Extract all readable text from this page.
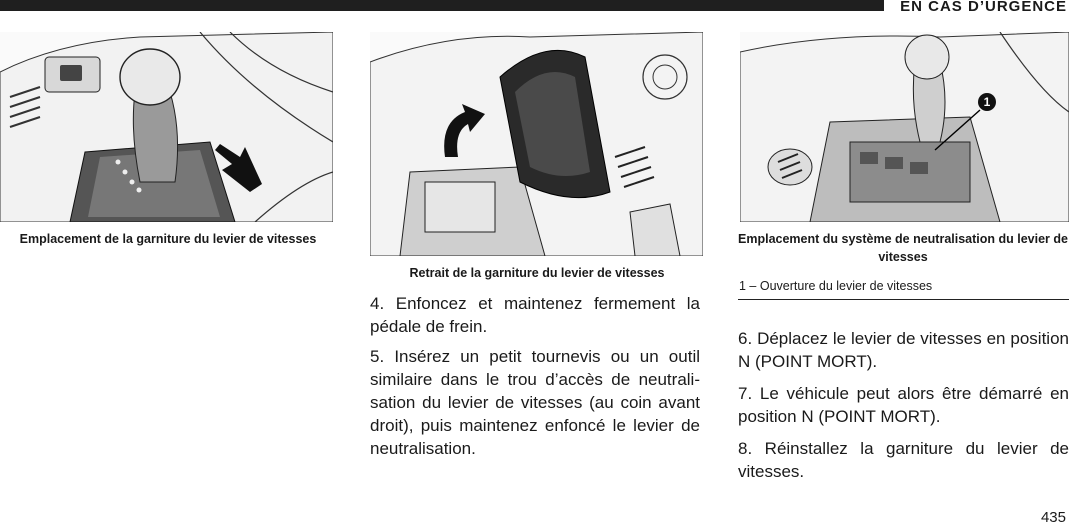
EN CAS D’URGENCE
Emplacement de la garniture du levier de vitesses
Retrait de la garniture du levier de vitesses
1
Emplacement du système de neutralisation du levier de vitesses
1 – Ouverture du levier de vitesses

4. Enfoncez et maintenez fermement la pédale de frein.

5. Insérez un petit tournevis ou un outil similaire dans le trou d’accès de neutralisation du levier de vitesses (au coin avant droit), puis maintenez enfoncé le levier de neutralisation.

6. Déplacez le levier de vitesses en position N (POINT MORT).

7. Le véhicule peut alors être démarré en position N (POINT MORT).

8. Réinstallez la garniture du levier de vitesses.

435
